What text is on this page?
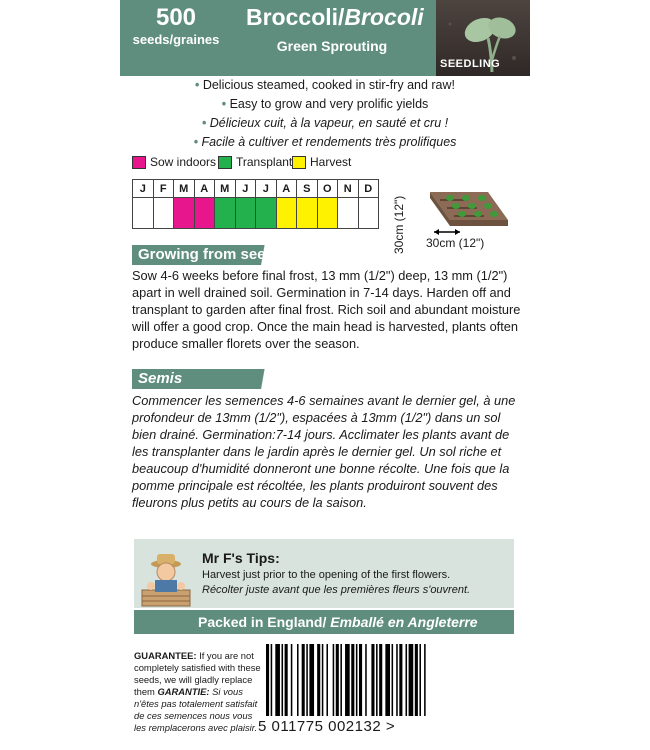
500
seeds/graines
Broccoli/Brocoli
Green Sprouting
SEEDLING
• Delicious steamed, cooked in stir-fry and raw!
• Easy to grow and very prolific yields
• Délicieux cuit, à la vapeur, en sauté et cru !
• Facile à cultiver et rendements très prolifiques
Sow indoors Transplant Harvest
J	F	M	A	M	J	J	A	S	O	N	D

30cm (12") 30cm (12")
Growing from seed
Sow 4-6 weeks before final frost, 13 mm (1/2") deep, 13 mm (1/2") apart in well drained soil. Germination in 7-14 days. Harden off and transplant to garden after final frost. Rich soil and abundant moisture will offer a good crop. Once the main head is harvested, plants often produce smaller florets over the season.
Semis
Commencer les semences 4-6 semaines avant le dernier gel, à une profondeur de 13mm (1/2"), espacées à 13mm (1/2") dans un sol bien drainé. Germination:7-14 jours. Acclimater les plants avant de les transplanter dans le jardin après le dernier gel. Un sol riche et beaucoup d'humidité donneront une bonne récolte. Une fois que la pomme principale est récoltée, les plants produiront souvent des fleurons plus petits au cours de la saison.
Mr F's Tips:
Harvest just prior to the opening of the first flowers.
Récolter juste avant que les premières fleurs s'ouvrent.
Packed in England/ Emballé en Angleterre
GUARANTEE: If you are not completely satisfied with these seeds, we will gladly replace them GARANTIE: Si vous n'êtes pas totalement satisfait de ces semences nous vous les remplacerons avec plaisir. 5 011775 002132 >
